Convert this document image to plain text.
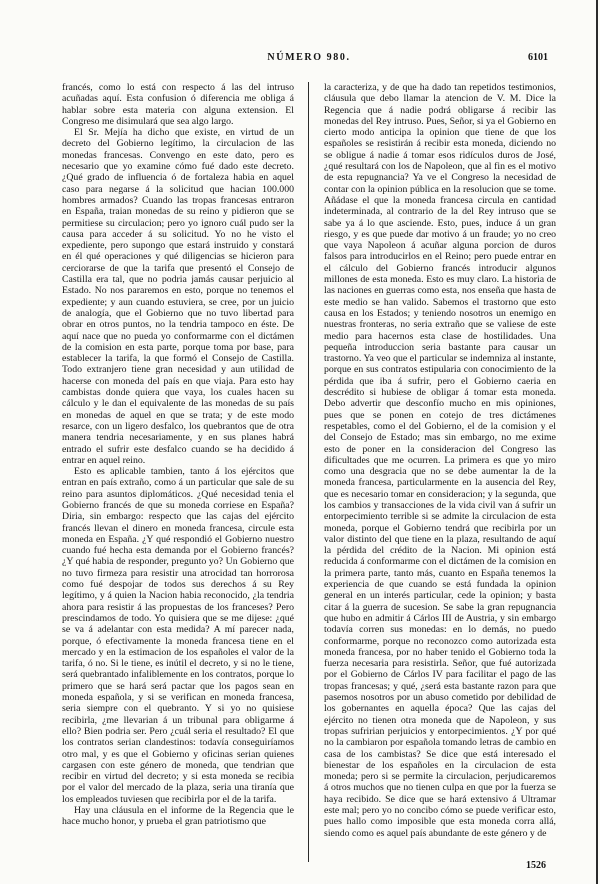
NÚMERO 980.	6101

francés, como lo está con respecto á las del intruso acuñadas aquí. Esta confusion ó diferencia me obliga á hablar sobre esta materia con alguna extension. El Congreso me disimulará que sea algo largo.

El Sr. Mejía ha dicho que existe, en virtud de un decreto del Gobierno legítimo, la circulacion de las monedas francesas. Convengo en este dato, pero es necesario que yo examine cómo fué dado este decreto. ¿Qué grado de influencia ó de fortaleza habia en aquel caso para negarse á la solicitud que hacian 100.000 hombres armados? Cuando las tropas francesas entraron en España, traian monedas de su reino y pidieron que se permitiese su circulacion; pero yo ignoro cuál pudo ser la causa para acceder á su solicitud. Yo no he visto el expediente, pero supongo que estará instruido y constará en él qué operaciones y qué diligencias se hicieron para cerciorarse de que la tarifa que presentó el Consejo de Castilla era tal, que no podria jamás causar perjuicio al Estado. No nos pararemos en esto, porque no tenemos el expediente; y aun cuando estuviera, se cree, por un juicio de analogía, que el Gobierno que no tuvo libertad para obrar en otros puntos, no la tendria tampoco en éste. De aquí nace que no pueda yo conformarme con el dictámen de la comision en esta parte, porque toma por base, para establecer la tarifa, la que formó el Consejo de Castilla. Todo extranjero tiene gran necesidad y aun utilidad de hacerse con moneda del país en que viaja. Para esto hay cambistas donde quiera que vaya, los cuales hacen su cálculo y le dan el equivalente de las monedas de su país en monedas de aquel en que se trata; y de este modo resarce, con un ligero desfalco, los quebrantos que de otra manera tendria necesariamente, y en sus planes habrá entrado el sufrir este desfalco cuando se ha decidido á entrar en aquel reino.

Esto es aplicable tambien, tanto á los ejércitos que entran en país extraño, como á un particular que sale de su reino para asuntos diplomáticos. ¿Qué necesidad tenia el Gobierno francés de que su moneda corriese en España? Diria, sin embargo: respecto que las cajas del ejército francés llevan el dinero en moneda francesa, circule esta moneda en España. ¿Y qué respondió el Gobierno nuestro cuando fué hecha esta demanda por el Gobierno francés? ¿Y qué habia de responder, pregunto yo? Un Gobierno que no tuvo firmeza para resistir una atrocidad tan horrorosa como fué despojar de todos sus derechos á su Rey legítimo, y á quien la Nacion habia reconocido, ¿la tendria ahora para resistir á las propuestas de los franceses? Pero prescindamos de todo. Yo quisiera que se me dijese: ¿qué se va á adelantar con esta medida? A mí parecer nada, porque, ó efectivamente la moneda francesa tiene en el mercado y en la estimacion de los españoles el valor de la tarifa, ó no. Si le tiene, es inútil el decreto, y si no le tiene, será quebrantado infaliblemente en los contratos, porque lo primero que se hará será pactar que los pagos sean en moneda española, y si se verifican en moneda francesa, seria siempre con el quebranto. Y si yo no quisiese recibirla, ¿me llevarian á un tribunal para obligarme á ello? Bien podria ser. Pero ¿cuál seria el resultado? El que los contratos serian clandestinos: todavía conseguiríamos otro mal, y es que el Gobierno y oficinas serian quienes cargasen con este género de moneda, que tendrian que recibir en virtud del decreto; y si esta moneda se recibia por el valor del mercado de la plaza, seria una tiranía que los empleados tuviesen que recibirla por el de la tarifa.

Hay una cláusula en el informe de la Regencia que le hace mucho honor, y prueba el gran patriotismo que

la caracteriza, y de que ha dado tan repetidos testimonios, cláusula que debo llamar la atencion de V. M. Dice la Regencia que á nadie podrá obligarse á recibir las monedas del Rey intruso. Pues, Señor, si ya el Gobierno en cierto modo anticipa la opinion que tiene de que los españoles se resistirán á recibir esta moneda, diciendo no se obligue á nadie á tomar esos ridículos duros de José, ¿qué resultará con los de Napoleon, que al fin es el motivo de esta repugnancia? Ya ve el Congreso la necesidad de contar con la opinion pública en la resolucion que se tome. Añádase el que la moneda francesa circula en cantidad indeterminada, al contrario de la del Rey intruso que se sabe ya á lo que asciende. Esto, pues, induce á un gran riesgo, y es que puede dar motivo á un fraude; yo no creo que vaya Napoleon á acuñar alguna porcion de duros falsos para introducirlos en el Reino; pero puede entrar en el cálculo del Gobierno francés introducir algunos millones de esta moneda. Esto es muy claro. La historia de las naciones en guerras como esta, nos enseña que hasta de este medio se han valido. Sabemos el trastorno que esto causa en los Estados; y teniendo nosotros un enemigo en nuestras fronteras, no seria extraño que se valiese de este medio para hacernos esta clase de hostilidades. Una pequeña introduccion seria bastante para causar un trastorno. Ya veo que el particular se indemniza al instante, porque en sus contratos estipularia con conocimiento de la pérdida que iba á sufrir, pero el Gobierno caeria en descrédito si hubiese de obligar á tomar esta moneda. Debo advertir que desconfío mucho en mis opiniones, pues que se ponen en cotejo de tres dictámenes respetables, como el del Gobierno, el de la comision y el del Consejo de Estado; mas sin embargo, no me exime esto de poner en la consideracion del Congreso las dificultades que me ocurren. La primera es que yo miro como una desgracia que no se debe aumentar la de la moneda francesa, particularmente en la ausencia del Rey, que es necesario tomar en consideracion; y la segunda, que los cambios y transacciones de la vida civil van á sufrir un entorpecimiento terrible si se admite la circulacion de esta moneda, porque el Gobierno tendrá que recibirla por un valor distinto del que tiene en la plaza, resultando de aquí la pérdida del crédito de la Nacion. Mi opinion está reducida á conformarme con el dictámen de la comision en la primera parte, tanto más, cuanto en España tenemos la experiencia de que cuando se está fundada la opinion general en un interés particular, cede la opinion; y basta citar á la guerra de sucesion. Se sabe la gran repugnancia que hubo en admitir á Cárlos III de Austria, y sin embargo todavía corren sus monedas: en lo demás, no puedo conformarme, porque no reconozco como autorizada esta moneda francesa, por no haber tenido el Gobierno toda la fuerza necesaria para resistirla. Señor, que fué autorizada por el Gobierno de Cárlos IV para facilitar el pago de las tropas francesas; y qué, ¿será esta bastante razon para que pasemos nosotros por un abuso cometido por debilidad de los gobernantes en aquella época? Que las cajas del ejército no tienen otra moneda que de Napoleon, y sus tropas sufririan perjuicios y entorpecimientos. ¿Y por qué no la cambiaron por española tomando letras de cambio en casa de los cambistas? Se dice que está interesado el bienestar de los españoles en la circulacion de esta moneda; pero si se permite la circulacion, perjudicaremos á otros muchos que no tienen culpa en que por la fuerza se haya recibido. Se dice que se hará extensivo á Ultramar este mal; pero yo no concibo cómo se puede verificar esto, pues hallo como imposible que esta moneda corra allá, siendo como es aquel país abundante de este género y de

1526
